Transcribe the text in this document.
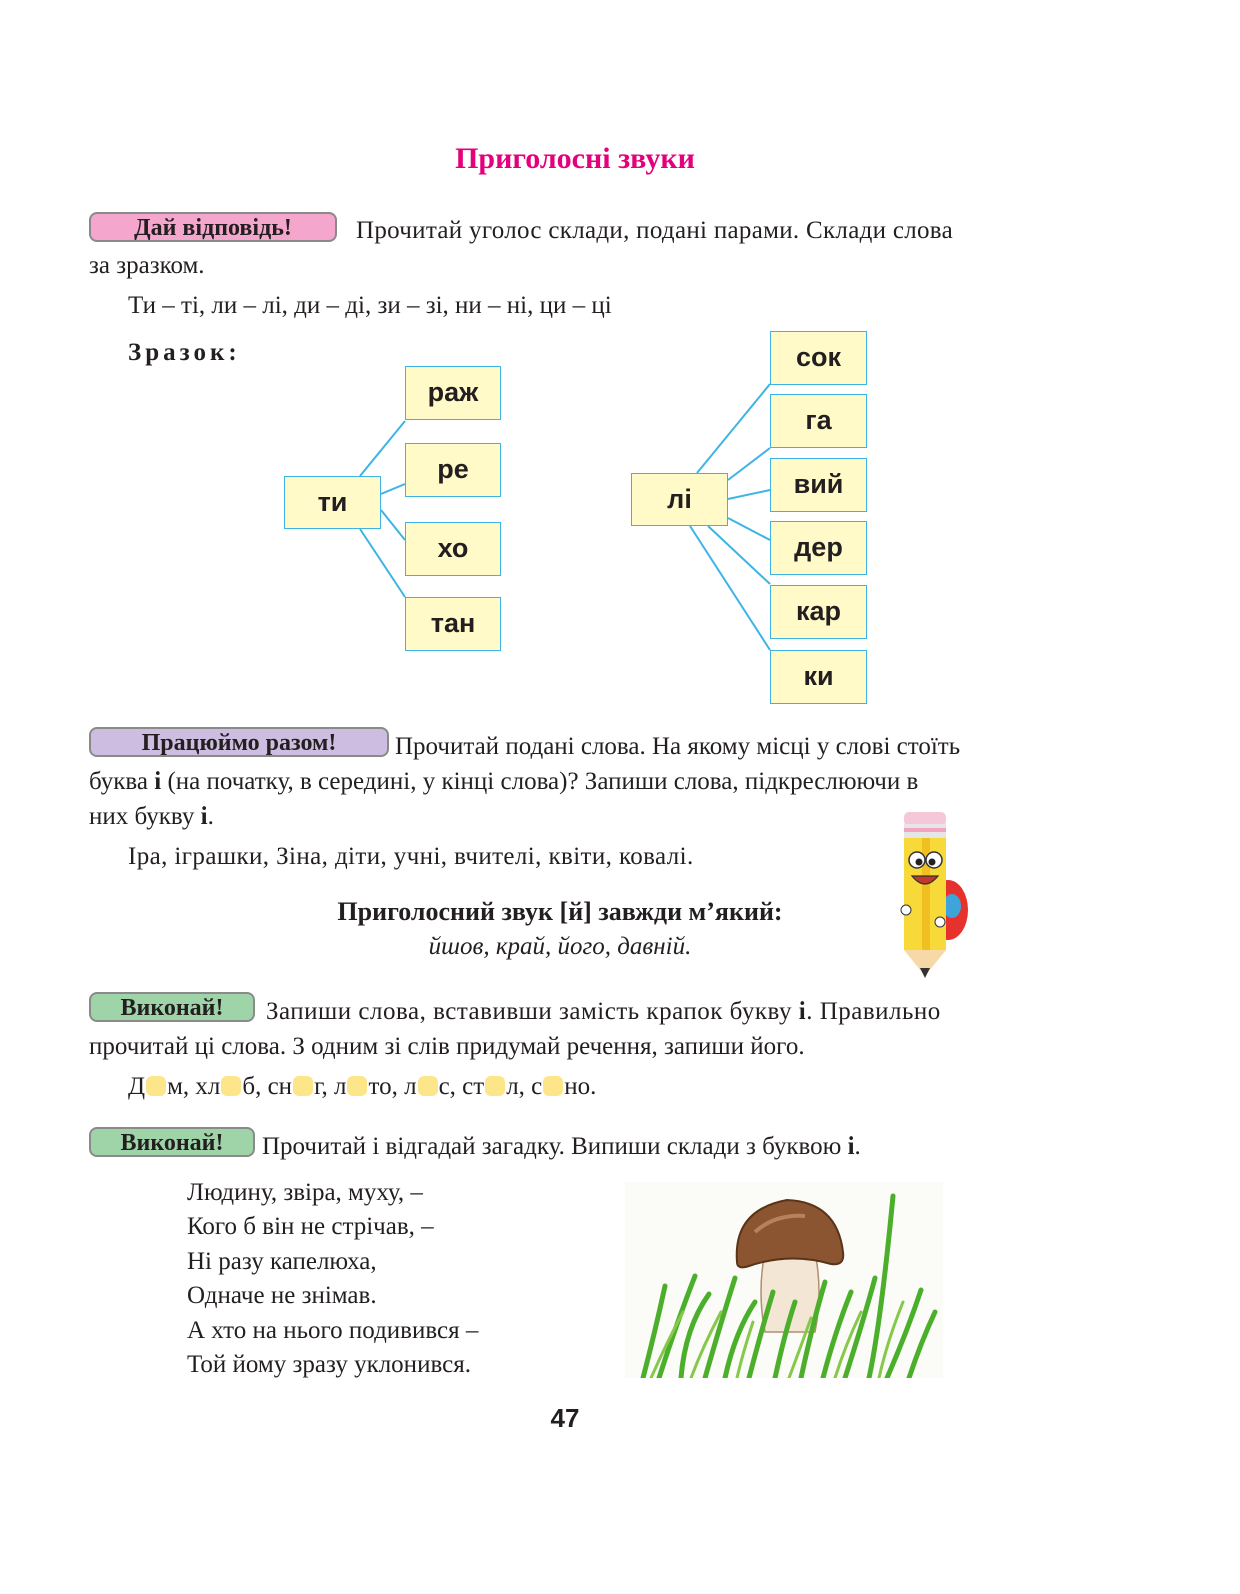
Приголосні звуки
Дай відповідь!	Прочитай уголос склади, подані парами. Склади слова
за зразком.
Ти – ті, ли – лі, ди – ді, зи – зі, ни – ні, ци – ці
Зразок:
ти
раж
ре
хо
тан
лі
сок
га
вий
дер
кар
ки
Працюймо разом!	Прочитай подані слова. На якому місці у слові стоїть
буква і (на початку, в середині, у кінці слова)? Запиши слова, підкреслюючи в
них букву і.
Іра, іграшки, Зіна, діти, учні, вчителі, квіти, ковалі.
Приголосний звук [й] завжди м’який:
йшов, край, його, давній.
Виконай!	Запиши слова, вставивши замість крапок букву і. Правильно
прочитай ці слова. З одним зі слів придумай речення, запиши його.
Д м, хл б, сн г, л то, л с, ст л, с но.
Виконай!	Прочитай і відгадай загадку. Випиши склади з буквою і.
Людину, звіра, муху, –
Кого б він не стрічав, –
Ні разу капелюха,
Одначе не знімав.
А хто на нього подивився –
Той йому зразу уклонився.
47
